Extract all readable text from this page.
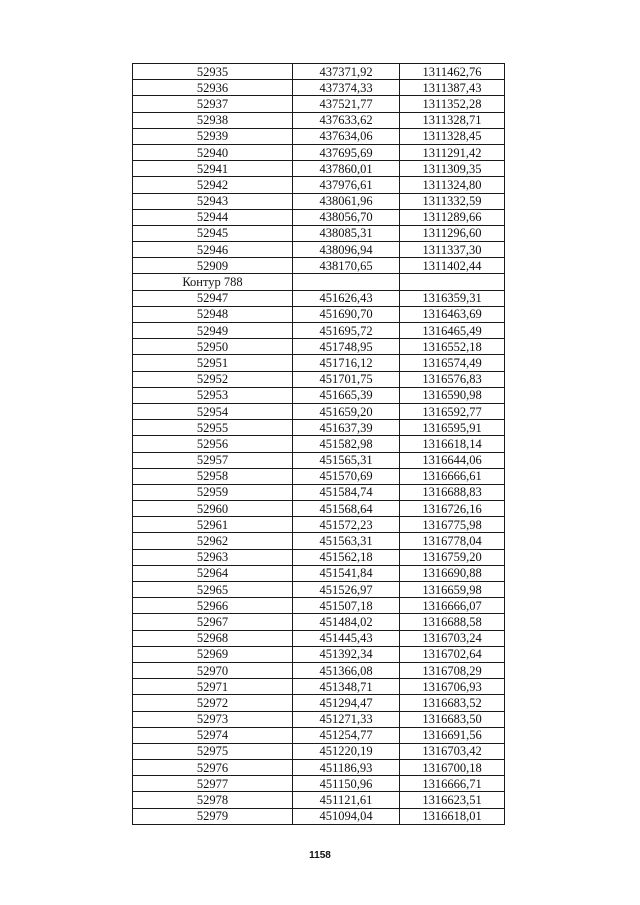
52935	437371,92	1311462,76
52936	437374,33	1311387,43
52937	437521,77	1311352,28
52938	437633,62	1311328,71
52939	437634,06	1311328,45
52940	437695,69	1311291,42
52941	437860,01	1311309,35
52942	437976,61	1311324,80
52943	438061,96	1311332,59
52944	438056,70	1311289,66
52945	438085,31	1311296,60
52946	438096,94	1311337,30
52909	438170,65	1311402,44
Контур 788		
52947	451626,43	1316359,31
52948	451690,70	1316463,69
52949	451695,72	1316465,49
52950	451748,95	1316552,18
52951	451716,12	1316574,49
52952	451701,75	1316576,83
52953	451665,39	1316590,98
52954	451659,20	1316592,77
52955	451637,39	1316595,91
52956	451582,98	1316618,14
52957	451565,31	1316644,06
52958	451570,69	1316666,61
52959	451584,74	1316688,83
52960	451568,64	1316726,16
52961	451572,23	1316775,98
52962	451563,31	1316778,04
52963	451562,18	1316759,20
52964	451541,84	1316690,88
52965	451526,97	1316659,98
52966	451507,18	1316666,07
52967	451484,02	1316688,58
52968	451445,43	1316703,24
52969	451392,34	1316702,64
52970	451366,08	1316708,29
52971	451348,71	1316706,93
52972	451294,47	1316683,52
52973	451271,33	1316683,50
52974	451254,77	1316691,56
52975	451220,19	1316703,42
52976	451186,93	1316700,18
52977	451150,96	1316666,71
52978	451121,61	1316623,51
52979	451094,04	1316618,01
1158
